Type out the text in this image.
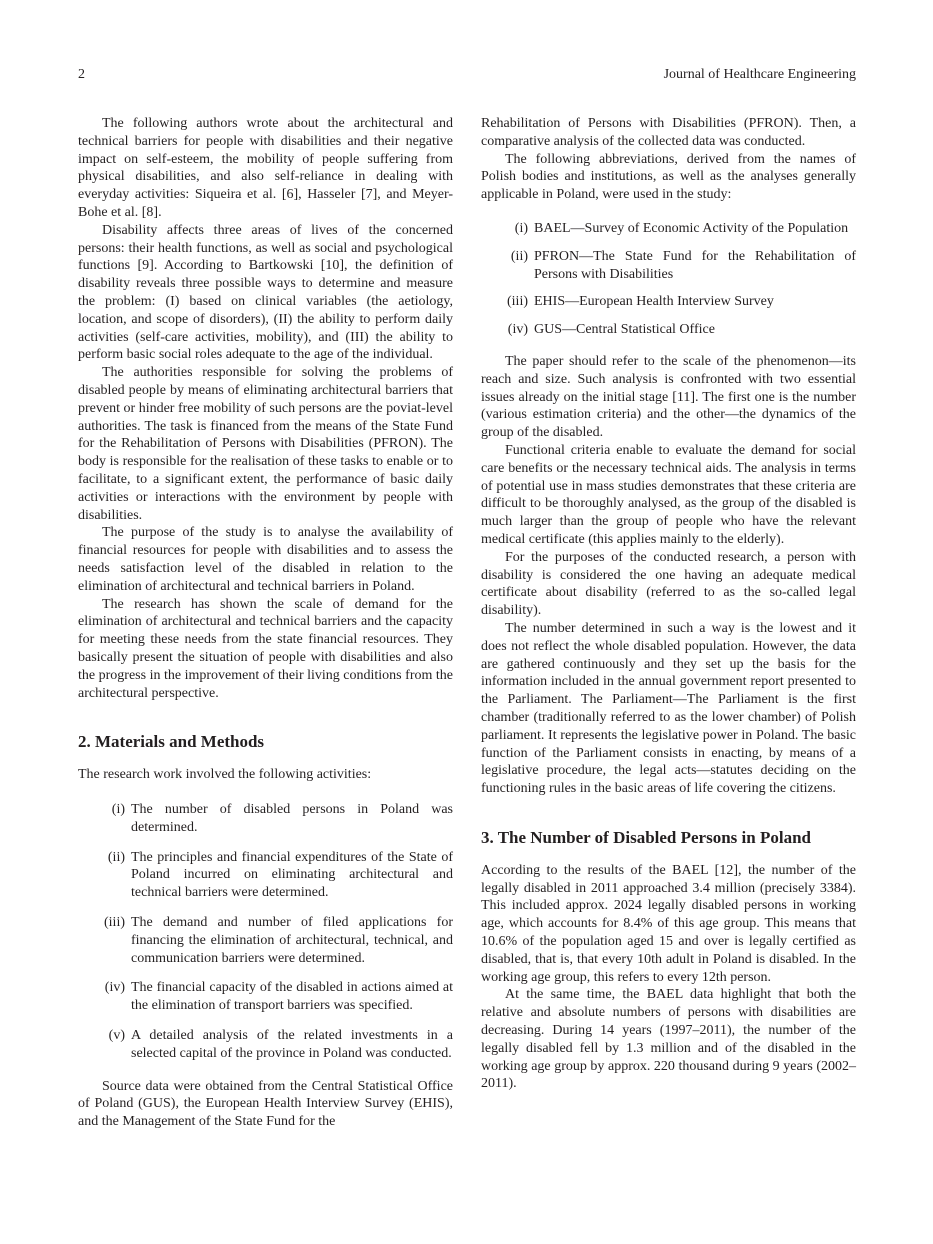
2	Journal of Healthcare Engineering

The following authors wrote about the architectural and technical barriers for people with disabilities and their negative impact on self-esteem, the mobility of people suffering from physical disabilities, and also self-reliance in dealing with everyday activities: Siqueira et al. [6], Hasseler [7], and Meyer-Bohe et al. [8].

Disability affects three areas of lives of the concerned persons: their health functions, as well as social and psychological functions [9]. According to Bartkowski [10], the definition of disability reveals three possible ways to determine and measure the problem: (I) based on clinical variables (the aetiology, location, and scope of disorders), (II) the ability to perform daily activities (self-care activities, mobility), and (III) the ability to perform basic social roles adequate to the age of the individual.

The authorities responsible for solving the problems of disabled people by means of eliminating architectural barriers that prevent or hinder free mobility of such persons are the poviat-level authorities. The task is financed from the means of the State Fund for the Rehabilitation of Persons with Disabilities (PFRON). The body is responsible for the realisation of these tasks to enable or to facilitate, to a significant extent, the performance of basic daily activities or interactions with the environment by people with disabilities.

The purpose of the study is to analyse the availability of financial resources for people with disabilities and to assess the needs satisfaction level of the disabled in relation to the elimination of architectural and technical barriers in Poland.

The research has shown the scale of demand for the elimination of architectural and technical barriers and the capacity for meeting these needs from the state financial resources. They basically present the situation of people with disabilities and also the progress in the improvement of their living conditions from the architectural perspective.

2. Materials and Methods

The research work involved the following activities:

(i) The number of disabled persons in Poland was determined.
(ii) The principles and financial expenditures of the State of Poland incurred on eliminating architectural and technical barriers were determined.
(iii) The demand and number of filed applications for financing the elimination of architectural, technical, and communication barriers were determined.
(iv) The financial capacity of the disabled in actions aimed at the elimination of transport barriers was specified.
(v) A detailed analysis of the related investments in a selected capital of the province in Poland was conducted.

Source data were obtained from the Central Statistical Office of Poland (GUS), the European Health Interview Survey (EHIS), and the Management of the State Fund for the

Rehabilitation of Persons with Disabilities (PFRON). Then, a comparative analysis of the collected data was conducted.

The following abbreviations, derived from the names of Polish bodies and institutions, as well as the analyses generally applicable in Poland, were used in the study:

(i) BAEL—Survey of Economic Activity of the Population
(ii) PFRON—The State Fund for the Rehabilitation of Persons with Disabilities
(iii) EHIS—European Health Interview Survey
(iv) GUS—Central Statistical Office

The paper should refer to the scale of the phenomenon—its reach and size. Such analysis is confronted with two essential issues already on the initial stage [11]. The first one is the number (various estimation criteria) and the other—the dynamics of the group of the disabled.

Functional criteria enable to evaluate the demand for social care benefits or the necessary technical aids. The analysis in terms of potential use in mass studies demonstrates that these criteria are difficult to be thoroughly analysed, as the group of the disabled is much larger than the group of people who have the relevant medical certificate (this applies mainly to the elderly).

For the purposes of the conducted research, a person with disability is considered the one having an adequate medical certificate about disability (referred to as the so-called legal disability).

The number determined in such a way is the lowest and it does not reflect the whole disabled population. However, the data are gathered continuously and they set up the basis for the information included in the annual government report presented to the Parliament. The Parliament—The Parliament is the first chamber (traditionally referred to as the lower chamber) of Polish parliament. It represents the legislative power in Poland. The basic function of the Parliament consists in enacting, by means of a legislative procedure, the legal acts—statutes deciding on the functioning rules in the basic areas of life covering the citizens.

3. The Number of Disabled Persons in Poland

According to the results of the BAEL [12], the number of the legally disabled in 2011 approached 3.4 million (precisely 3384). This included approx. 2024 legally disabled persons in working age, which accounts for 8.4% of this age group. This means that 10.6% of the population aged 15 and over is legally certified as disabled, that is, that every 10th adult in Poland is disabled. In the working age group, this refers to every 12th person.

At the same time, the BAEL data highlight that both the relative and absolute numbers of persons with disabilities are decreasing. During 14 years (1997–2011), the number of the legally disabled fell by 1.3 million and of the disabled in the working age group by approx. 220 thousand during 9 years (2002–2011).
